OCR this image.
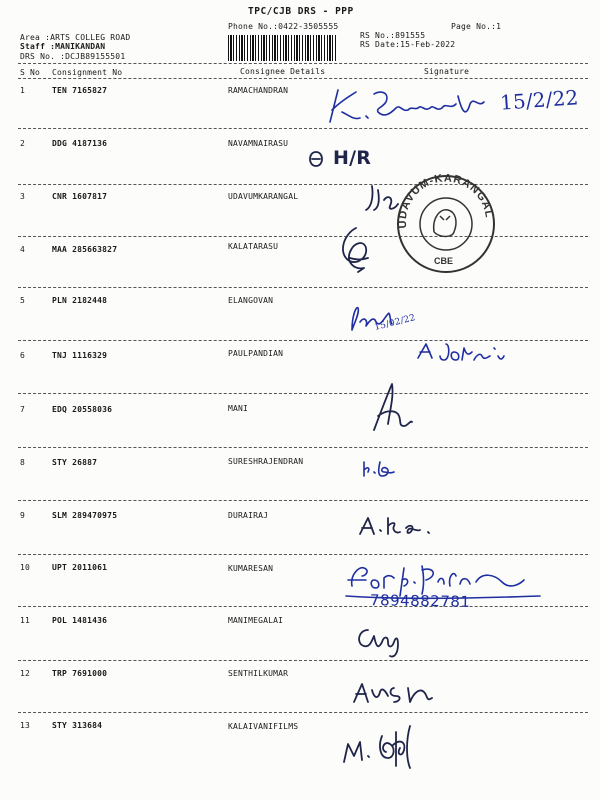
TPC/CJB DRS - PPP
Phone No.:0422-3505555	Page No.:1
Area :ARTS COLLEG ROAD
Staff :MANIKANDAN
DRS No. :DCJB89155501
RS No.:891555
RS Date:15-Feb-2022
S No Consignment No	Consignee Details	Signature
1	TEN 7165827	RAMACHANDRAN
2	DDG 4187136	NAVAMNAIRASU
3	CNR 1607817	UDAVUMKARANGAL
4	MAA 285663827	KALATARASU
5	PLN 2182448	ELANGOVAN
6	TNJ 1116329	PAULPANDIAN
7	EDQ 20558036	MANI
8	STY 26887	SURESHRAJENDRAN
9	SLM 289470975	DURAIRAJ
10	UPT 2011061	KUMARESAN
11	POL 1481436	MANIMEGALAI
12	TRP 7691000	SENTHILKUMAR
13	STY 313684	KALAIVANIFILMS
15/2/22
H/R
UDAVUM-KARANGAL
CBE
15/02/22
7894882781
